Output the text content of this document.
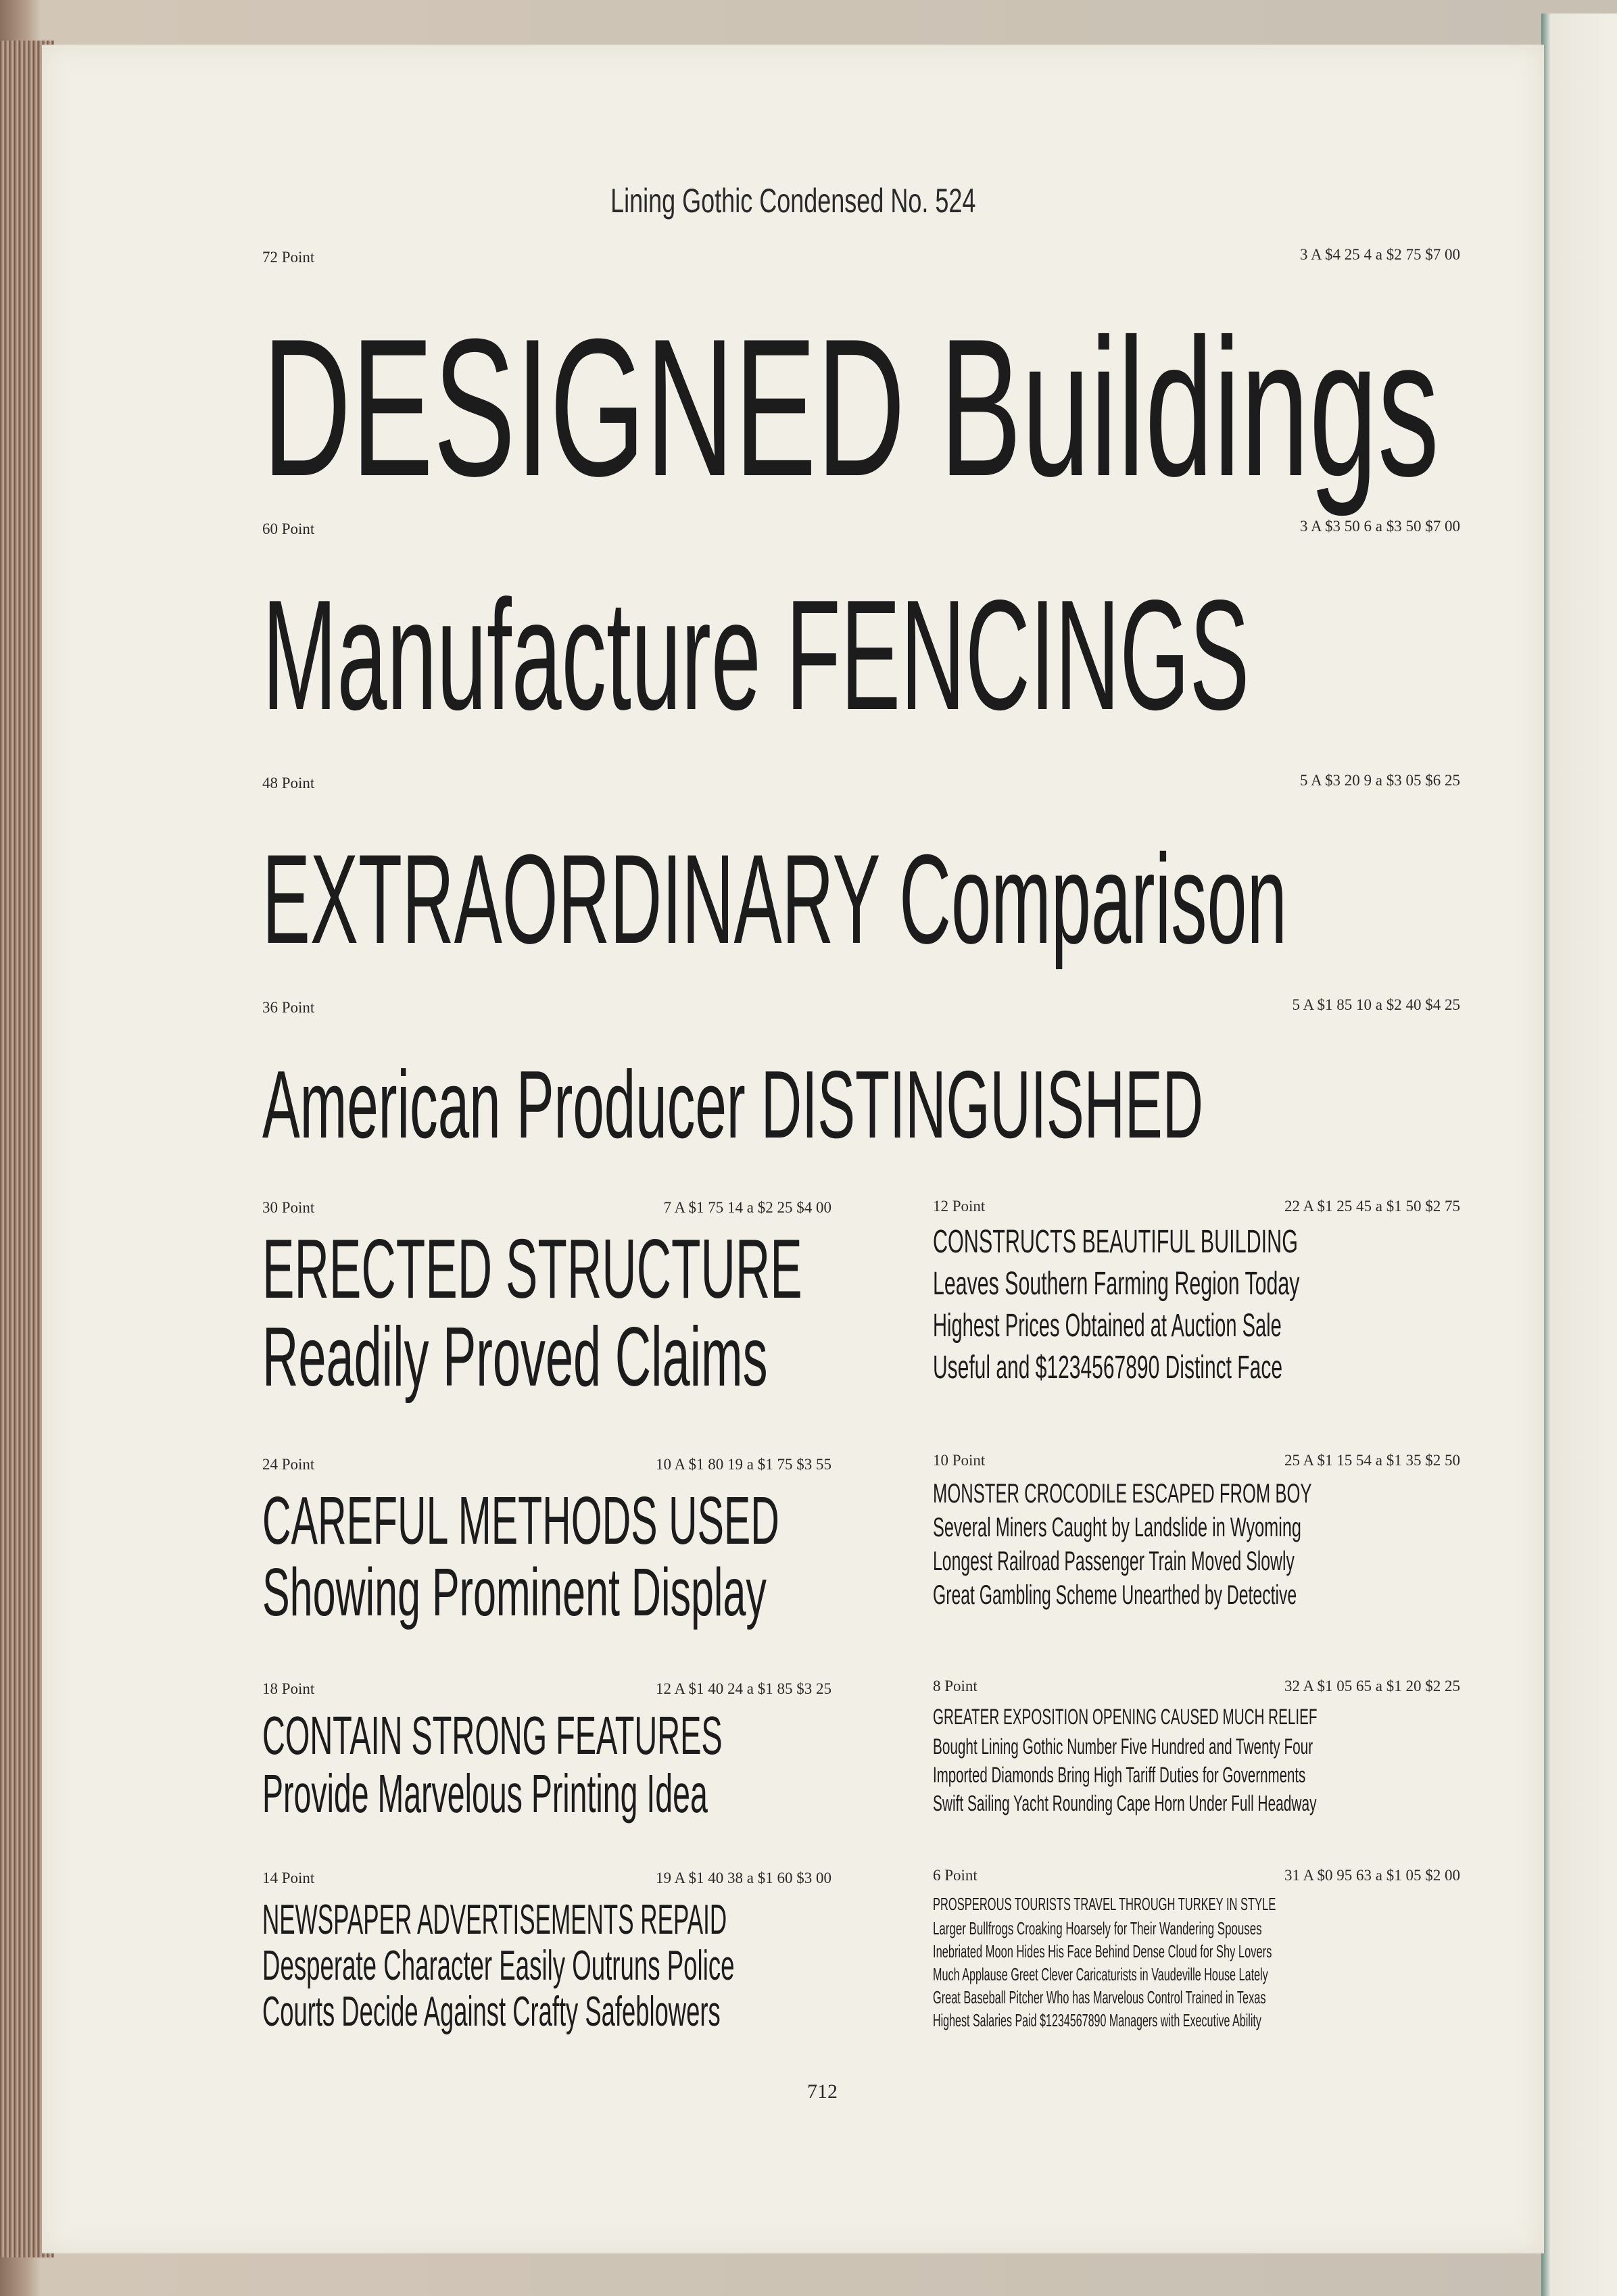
Lining Gothic Condensed No. 524
72 Point	3 A $4 25 4 a $2 75 $7 00
DESIGNED Buildings
60 Point	3 A $3 50 6 a $3 50 $7 00
Manufacture FENCINGS
48 Point	5 A $3 20 9 a $3 05 $6 25
EXTRAORDINARY Comparison
36 Point	5 A $1 85 10 a $2 40 $4 25
American Producer DISTINGUISHED
30 Point	7 A $1 75 14 a $2 25 $4 00
ERECTED STRUCTURE
Readily Proved Claims
24 Point	10 A $1 80 19 a $1 75 $3 55
CAREFUL METHODS USED
Showing Prominent Display
18 Point	12 A $1 40 24 a $1 85 $3 25
CONTAIN STRONG FEATURES
Provide Marvelous Printing Idea
14 Point	19 A $1 40 38 a $1 60 $3 00
NEWSPAPER ADVERTISEMENTS REPAID
Desperate Character Easily Outruns Police
Courts Decide Against Crafty Safeblowers
712
12 Point	22 A $1 25 45 a $1 50 $2 75
CONSTRUCTS BEAUTIFUL BUILDING
Leaves Southern Farming Region Today
Highest Prices Obtained at Auction Sale
Useful and $1234567890 Distinct Face
10 Point	25 A $1 15 54 a $1 35 $2 50
MONSTER CROCODILE ESCAPED FROM BOY
Several Miners Caught by Landslide in Wyoming
Longest Railroad Passenger Train Moved Slowly
Great Gambling Scheme Unearthed by Detective
8 Point	32 A $1 05 65 a $1 20 $2 25
GREATER EXPOSITION OPENING CAUSED MUCH RELIEF
Bought Lining Gothic Number Five Hundred and Twenty Four
Imported Diamonds Bring High Tariff Duties for Governments
Swift Sailing Yacht Rounding Cape Horn Under Full Headway
6 Point	31 A $0 95 63 a $1 05 $2 00
PROSPEROUS TOURISTS TRAVEL THROUGH TURKEY IN STYLE
Larger Bullfrogs Croaking Hoarsely for Their Wandering Spouses
Inebriated Moon Hides His Face Behind Dense Cloud for Shy Lovers
Much Applause Greet Clever Caricaturists in Vaudeville House Lately
Great Baseball Pitcher Who has Marvelous Control Trained in Texas
Highest Salaries Paid $1234567890 Managers with Executive Ability
